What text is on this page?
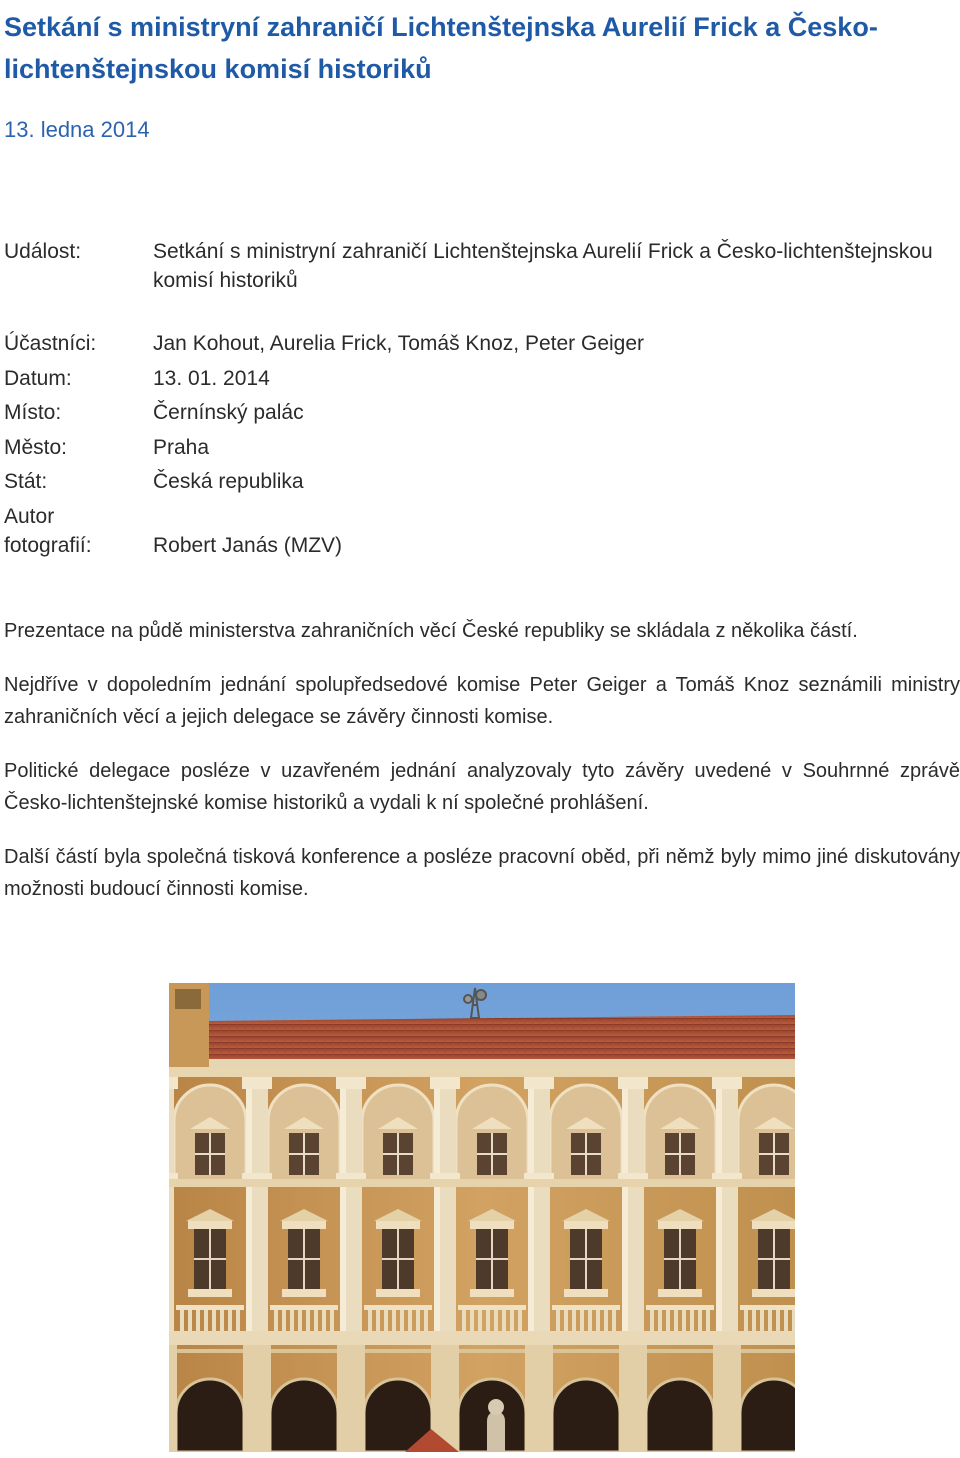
Setkání s ministryní zahraničí Lichtenštejnska Aurelií Frick a Česko-lichtenštejnskou komisí historiků
13. ledna 2014
Událost:	Setkání s ministryní zahraničí Lichtenštejnska Aurelií Frick a Česko-lichtenštejnskou komisí historiků
Účastníci:	Jan Kohout, Aurelia Frick, Tomáš Knoz, Peter Geiger
Datum:	13. 01. 2014
Místo:	Černínský palác
Město:	Praha
Stát:	Česká republika
Autor
fotografií:	Robert Janás (MZV)

Prezentace na půdě ministerstva zahraničních věcí České republiky se skládala z několika částí.

Nejdříve v dopoledním jednání spolupředsedové komise Peter Geiger a Tomáš Knoz seznámili ministry zahraničních věcí a jejich delegace se závěry činnosti komise.

Politické delegace posléze v uzavřeném jednání analyzovaly tyto závěry uvedené v Souhrnné zprávě Česko-lichtenštejnské komise historiků a vydali k ní společné prohlášení.

Další částí byla společná tisková konference a posléze pracovní oběd, při němž byly mimo jiné diskutovány možnosti budoucí činnosti komise.
